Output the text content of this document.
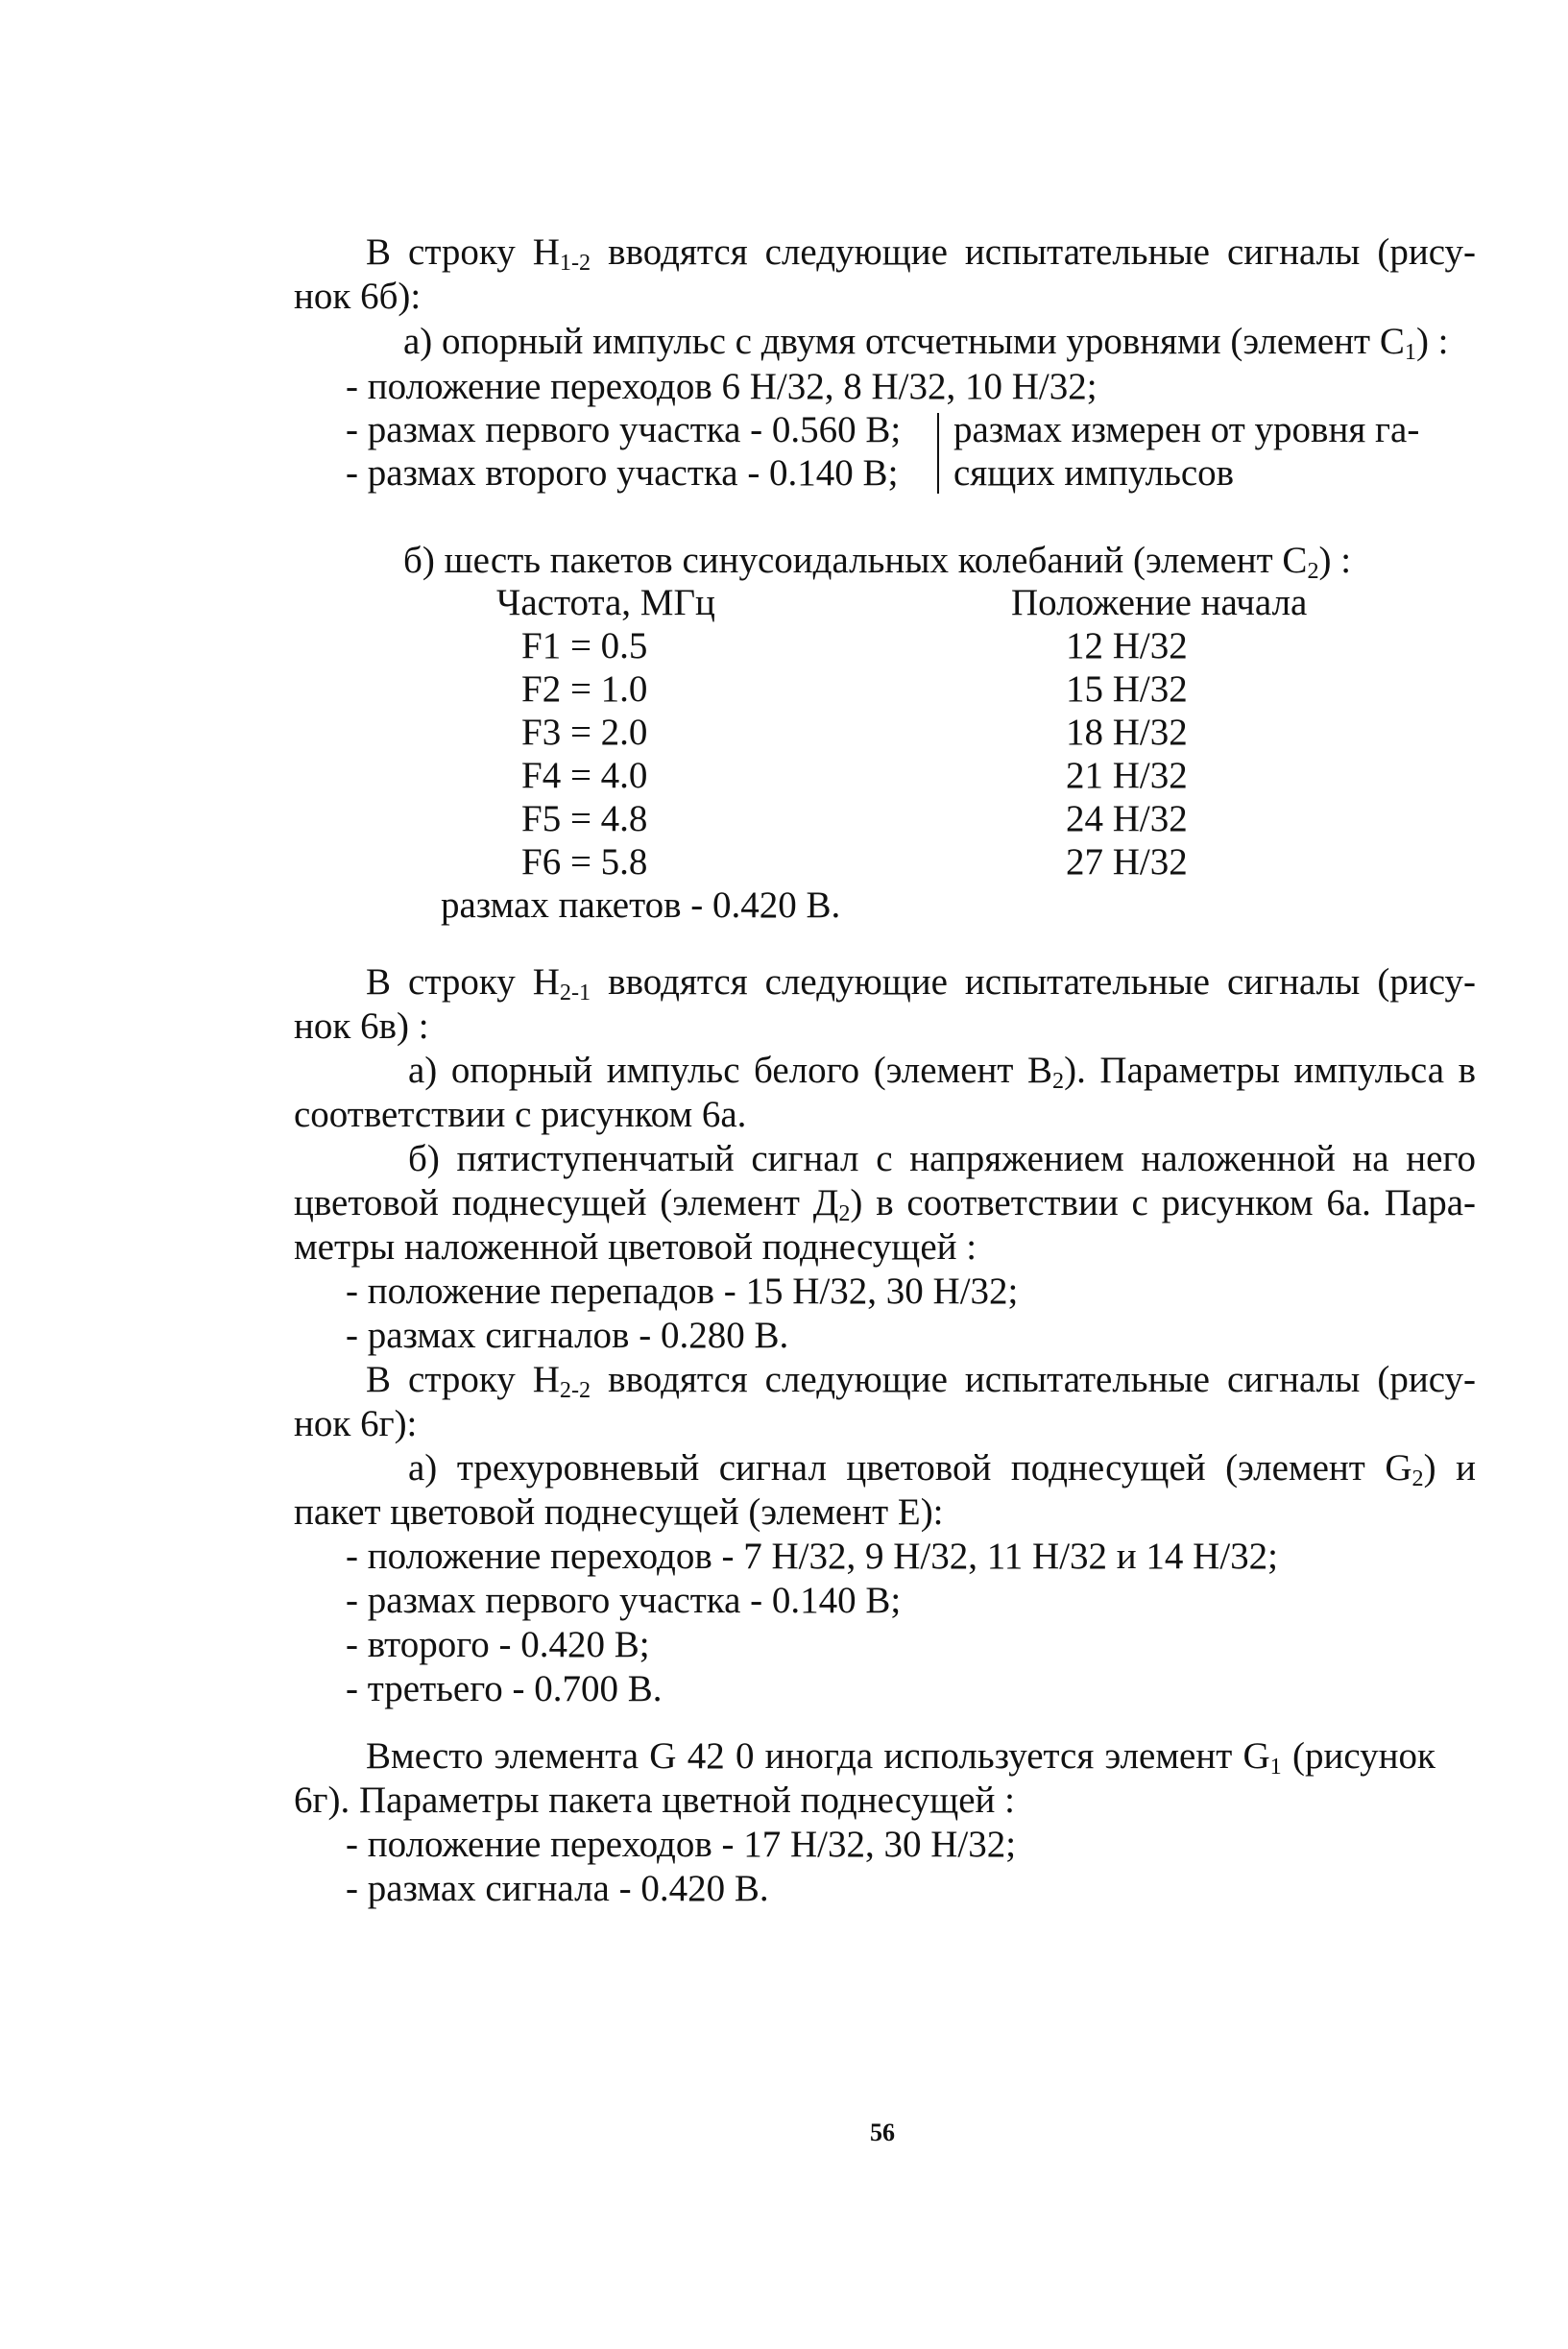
В строку $Н_{1-2}$ вводятся следующие испытательные сигналы (рису-
нок 6б):
а) опорный импульс с двумя отсчетными уровнями (элемент $С_1$) :
- положение переходов 6 Н/32, 8 Н/32, 10 Н/32;
- размах первого участка - 0.560 В;
- размах второго участка - 0.140 В;
размах измерен от уровня га-
сящих импульсов
б) шесть пакетов синусоидальных колебаний (элемент $С_2$) :
Частота, МГц	Положение начала
F1 = 0.5	12 Н/32
F2 = 1.0	15 Н/32
F3 = 2.0	18 Н/32
F4 = 4.0	21 Н/32
F5 = 4.8	24 Н/32
F6 = 5.8	27 Н/32
размах пакетов - 0.420 В.
В строку $Н_{2-1}$ вводятся следующие испытательные сигналы (рису-
нок 6в) :
а) опорный импульс белого (элемент $В_2$). Параметры импульса в
соответствии с рисунком 6а.
б) пятиступенчатый сигнал с напряжением наложенной на него
цветовой поднесущей (элемент $Д_2$) в соответствии с рисунком 6а. Пара-
метры наложенной цветовой поднесущей :
- положение перепадов - 15 Н/32, 30 Н/32;
- размах сигналов - 0.280 В.
В строку $Н_{2-2}$ вводятся следующие испытательные сигналы (рису-
нок 6г):
а) трехуровневый сигнал цветовой поднесущей (элемент $G_2$) и
пакет цветовой поднесущей (элемент Е):
- положение переходов - 7 Н/32, 9 Н/32, 11 Н/32 и 14 Н/32;
- размах первого участка - 0.140 В;
- второго - 0.420 В;
- третьего - 0.700 В.
Вместо элемента G 42 0 иногда используется элемент $G_1$ (рисунок
6г). Параметры пакета цветной поднесущей :
- положение переходов - 17 Н/32, 30 Н/32;
- размах сигнала - 0.420 В.
56
